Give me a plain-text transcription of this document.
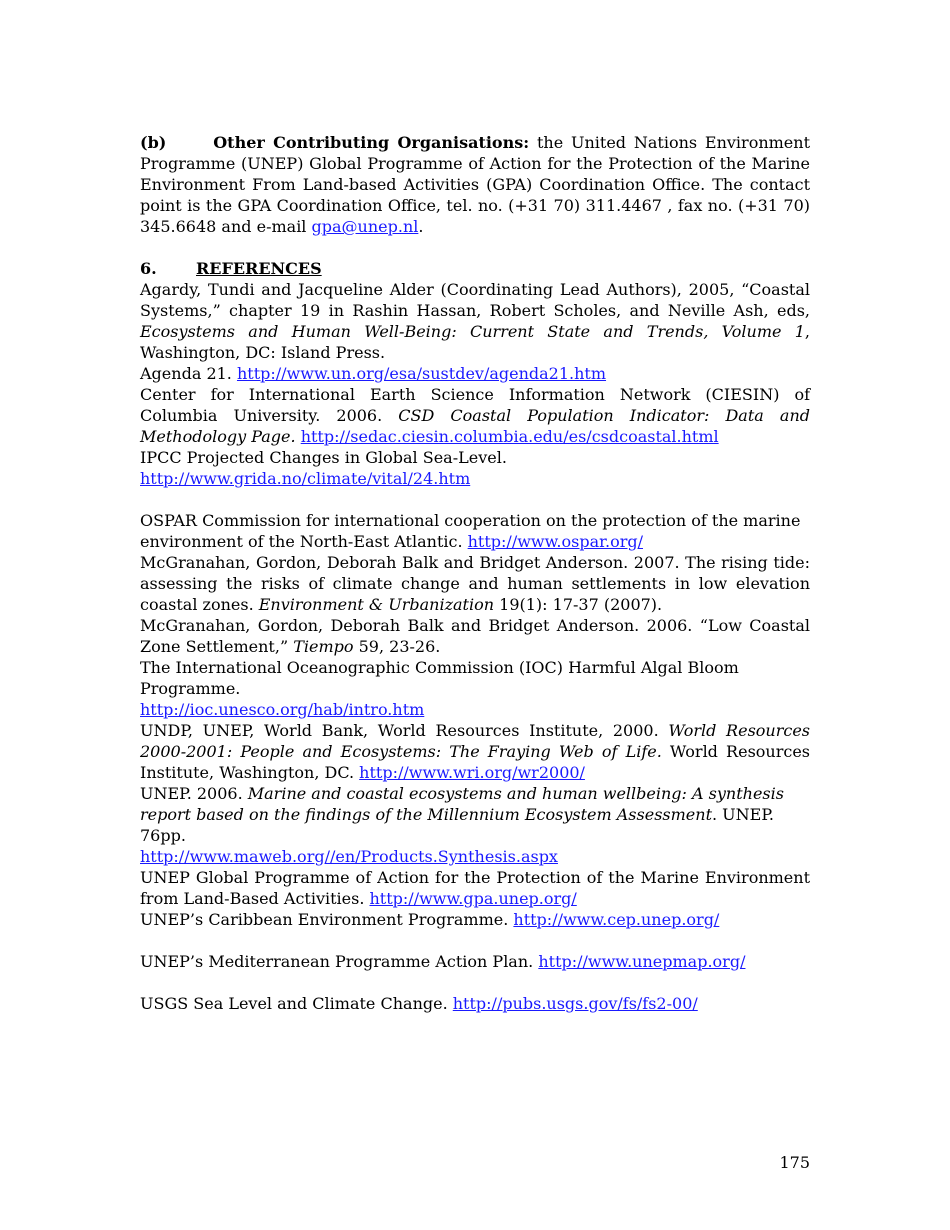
(b)	Other Contributing Organisations: the United Nations Environment Programme (UNEP) Global Programme of Action for the Protection of the Marine Environment From Land-based Activities (GPA) Coordination Office. The contact point is the GPA Coordination Office, tel. no. (+31 70) 311.4467 , fax no. (+31 70) 345.6648 and e-mail gpa@unep.nl.

6. REFERENCES

Agardy, Tundi and Jacqueline Alder (Coordinating Lead Authors), 2005, “Coastal Systems,” chapter 19 in Rashin Hassan, Robert Scholes, and Neville Ash, eds, Ecosystems and Human Well-Being: Current State and Trends, Volume 1, Washington, DC: Island Press.

Agenda 21. http://www.un.org/esa/sustdev/agenda21.htm

Center for International Earth Science Information Network (CIESIN) of Columbia University. 2006. CSD Coastal Population Indicator: Data and Methodology Page. http://sedac.ciesin.columbia.edu/es/csdcoastal.html

IPCC Projected Changes in Global Sea-Level.
http://www.grida.no/climate/vital/24.htm

OSPAR Commission for international cooperation on the protection of the marine environment of the North-East Atlantic. http://www.ospar.org/

McGranahan, Gordon, Deborah Balk and Bridget Anderson. 2007. The rising tide: assessing the risks of climate change and human settlements in low elevation coastal zones. Environment & Urbanization 19(1): 17-37 (2007).

McGranahan, Gordon, Deborah Balk and Bridget Anderson. 2006. “Low Coastal Zone Settlement,” Tiempo 59, 23-26.

The International Oceanographic Commission (IOC) Harmful Algal Bloom Programme.
http://ioc.unesco.org/hab/intro.htm

UNDP, UNEP, World Bank, World Resources Institute, 2000. World Resources 2000-2001: People and Ecosystems: The Fraying Web of Life. World Resources Institute, Washington, DC. http://www.wri.org/wr2000/

UNEP. 2006. Marine and coastal ecosystems and human wellbeing: A synthesis report based on the findings of the Millennium Ecosystem Assessment. UNEP. 76pp.
http://www.maweb.org//en/Products.Synthesis.aspx

UNEP Global Programme of Action for the Protection of the Marine Environment from Land-Based Activities. http://www.gpa.unep.org/

UNEP’s Caribbean Environment Programme. http://www.cep.unep.org/

UNEP’s Mediterranean Programme Action Plan. http://www.unepmap.org/

USGS Sea Level and Climate Change. http://pubs.usgs.gov/fs/fs2-00/

175
